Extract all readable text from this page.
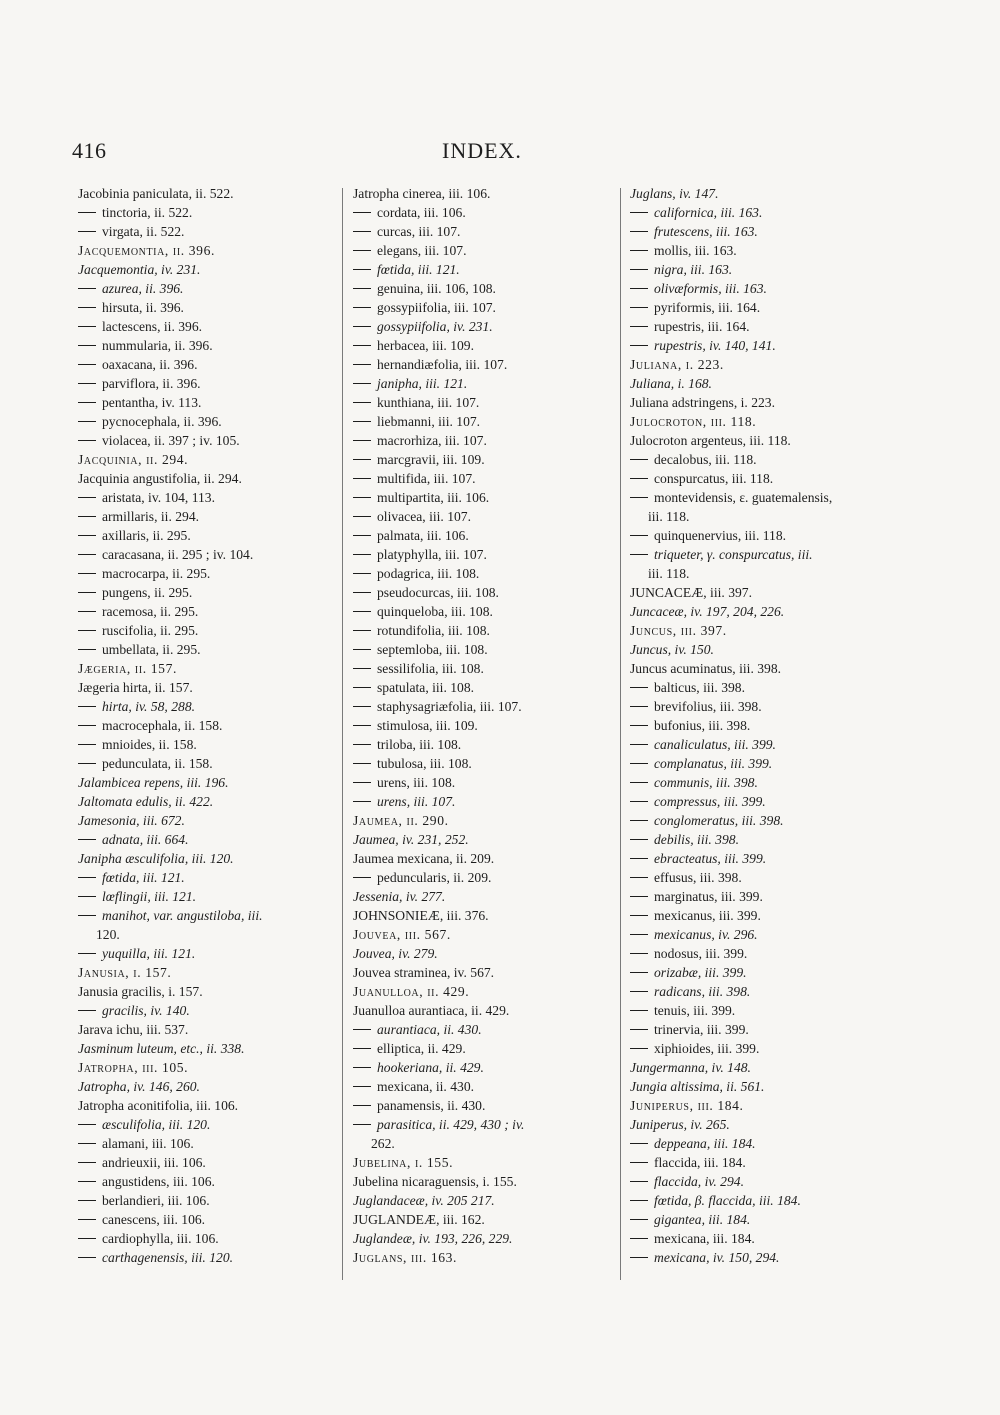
416	INDEX.
Jacobinia paniculata, ii. 522.
tinctoria, ii. 522.
virgata, ii. 522.
Jacquemontia, ii. 396.
Jacquemontia, iv. 231.
azurea, ii. 396.
hirsuta, ii. 396.
lactescens, ii. 396.
nummularia, ii. 396.
oaxacana, ii. 396.
parviflora, ii. 396.
pentantha, iv. 113.
pycnocephala, ii. 396.
violacea, ii. 397 ; iv. 105.
Jacquinia, ii. 294.
Jacquinia angustifolia, ii. 294.
aristata, iv. 104, 113.
armillaris, ii. 294.
axillaris, ii. 295.
caracasana, ii. 295 ; iv. 104.
macrocarpa, ii. 295.
pungens, ii. 295.
racemosa, ii. 295.
ruscifolia, ii. 295.
umbellata, ii. 295.
Jægeria, ii. 157.
Jægeria hirta, ii. 157.
hirta, iv. 58, 288.
macrocephala, ii. 158.
mnioides, ii. 158.
pedunculata, ii. 158.
Jalambicea repens, iii. 196.
Jaltomata edulis, ii. 422.
Jamesonia, iii. 672.
adnata, iii. 664.
Janipha æsculifolia, iii. 120.
fœtida, iii. 121.
lœflingii, iii. 121.
manihot, var. angustiloba, iii.
120.
yuquilla, iii. 121.
Janusia, i. 157.
Janusia gracilis, i. 157.
gracilis, iv. 140.
Jarava ichu, iii. 537.
Jasminum luteum, etc., ii. 338.
Jatropha, iii. 105.
Jatropha, iv. 146, 260.
Jatropha aconitifolia, iii. 106.
æsculifolia, iii. 120.
alamani, iii. 106.
andrieuxii, iii. 106.
angustidens, iii. 106.
berlandieri, iii. 106.
canescens, iii. 106.
cardiophylla, iii. 106.
carthagenensis, iii. 120.
Jatropha cinerea, iii. 106.
cordata, iii. 106.
curcas, iii. 107.
elegans, iii. 107.
fœtida, iii. 121.
genuina, iii. 106, 108.
gossypiifolia, iii. 107.
gossypiifolia, iv. 231.
herbacea, iii. 109.
hernandiæfolia, iii. 107.
janipha, iii. 121.
kunthiana, iii. 107.
liebmanni, iii. 107.
macrorhiza, iii. 107.
marcgravii, iii. 109.
multifida, iii. 107.
multipartita, iii. 106.
olivacea, iii. 107.
palmata, iii. 106.
platyphylla, iii. 107.
podagrica, iii. 108.
pseudocurcas, iii. 108.
quinqueloba, iii. 108.
rotundifolia, iii. 108.
septemloba, iii. 108.
sessilifolia, iii. 108.
spatulata, iii. 108.
staphysagriæfolia, iii. 107.
stimulosa, iii. 109.
triloba, iii. 108.
tubulosa, iii. 108.
urens, iii. 108.
urens, iii. 107.
Jaumea, ii. 290.
Jaumea, iv. 231, 252.
Jaumea mexicana, ii. 209.
peduncularis, ii. 209.
Jessenia, iv. 277.
JOHNSONIEÆ, iii. 376.
Jouvea, iii. 567.
Jouvea, iv. 279.
Jouvea straminea, iv. 567.
Juanulloa, ii. 429.
Juanulloa aurantiaca, ii. 429.
aurantiaca, ii. 430.
elliptica, ii. 429.
hookeriana, ii. 429.
mexicana, ii. 430.
panamensis, ii. 430.
parasitica, ii. 429, 430 ; iv.
262.
Jubelina, i. 155.
Jubelina nicaraguensis, i. 155.
Juglandaceæ, iv. 205 217.
JUGLANDEÆ, iii. 162.
Juglandeæ, iv. 193, 226, 229.
Juglans, iii. 163.
Juglans, iv. 147.
californica, iii. 163.
frutescens, iii. 163.
mollis, iii. 163.
nigra, iii. 163.
olivæformis, iii. 163.
pyriformis, iii. 164.
rupestris, iii. 164.
rupestris, iv. 140, 141.
Juliana, i. 223.
Juliana, i. 168.
Juliana adstringens, i. 223.
Julocroton, iii. 118.
Julocroton argenteus, iii. 118.
decalobus, iii. 118.
conspurcatus, iii. 118.
montevidensis, ε. guatemalensis,
iii. 118.
quinquenervius, iii. 118.
triqueter, γ. conspurcatus, iii.
iii. 118.
JUNCACEÆ, iii. 397.
Juncaceæ, iv. 197, 204, 226.
Juncus, iii. 397.
Juncus, iv. 150.
Juncus acuminatus, iii. 398.
balticus, iii. 398.
brevifolius, iii. 398.
bufonius, iii. 398.
canaliculatus, iii. 399.
complanatus, iii. 399.
communis, iii. 398.
compressus, iii. 399.
conglomeratus, iii. 398.
debilis, iii. 398.
ebracteatus, iii. 399.
effusus, iii. 398.
marginatus, iii. 399.
mexicanus, iii. 399.
mexicanus, iv. 296.
nodosus, iii. 399.
orizabæ, iii. 399.
radicans, iii. 398.
tenuis, iii. 399.
trinervia, iii. 399.
xiphioides, iii. 399.
Jungermanna, iv. 148.
Jungia altissima, ii. 561.
Juniperus, iii. 184.
Juniperus, iv. 265.
deppeana, iii. 184.
flaccida, iii. 184.
flaccida, iv. 294.
fœtida, β. flaccida, iii. 184.
gigantea, iii. 184.
mexicana, iii. 184.
mexicana, iv. 150, 294.
